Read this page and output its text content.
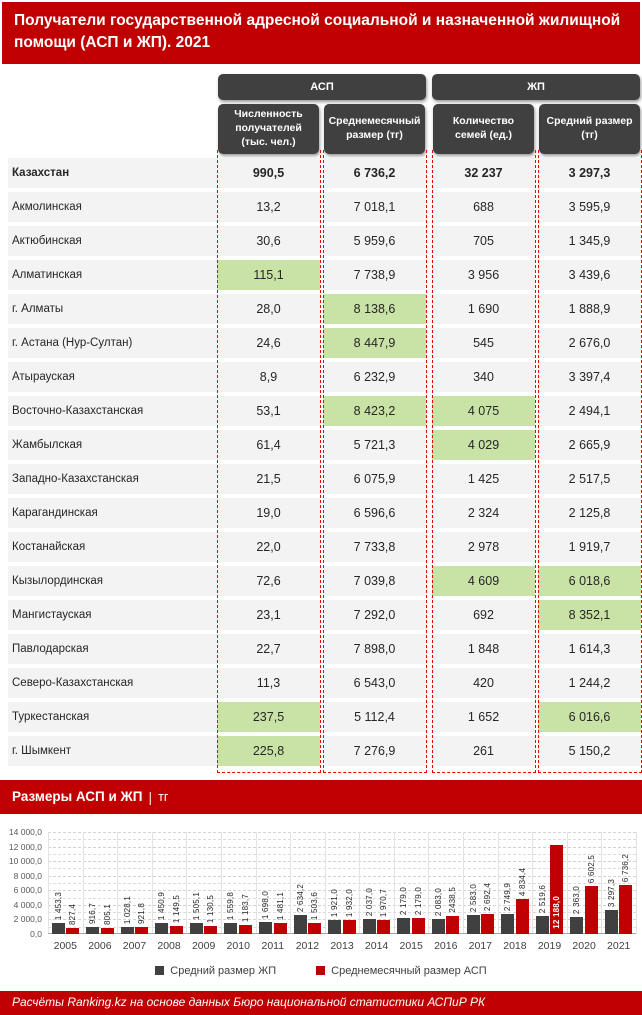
Получатели государственной адресной социальной и назначенной жилищной помощи (АСП и ЖП). 2021
АСП	ЖП
Численность получателей (тыс. чел.)
Среднемесячный размер (тг)
Количество семей (ед.)
Средний размер (тг)
Казахстан	990,5	6 736,2	32 237	3 297,3
Акмолинская	13,2	7 018,1	688	3 595,9
Актюбинская	30,6	5 959,6	705	1 345,9
Алматинская	115,1	7 738,9	3 956	3 439,6
г. Алматы	28,0	8 138,6	1 690	1 888,9
г. Астана (Нур-Султан)	24,6	8 447,9	545	2 676,0
Атырауская	8,9	6 232,9	340	3 397,4
Восточно-Казахстанская	53,1	8 423,2	4 075	2 494,1
Жамбылская	61,4	5 721,3	4 029	2 665,9
Западно-Казахстанская	21,5	6 075,9	1 425	2 517,5
Карагандинская	19,0	6 596,6	2 324	2 125,8
Костанайская	22,0	7 733,8	2 978	1 919,7
Кызылординская	72,6	7 039,8	4 609	6 018,6
Мангистауская	23,1	7 292,0	692	8 352,1
Павлодарская	22,7	7 898,0	1 848	1 614,3
Северо-Казахстанская	11,3	6 543,0	420	1 244,2
Туркестанская	237,5	5 112,4	1 652	6 016,6
г. Шымкент	225,8	7 276,9	261	5 150,2
Размеры АСП и ЖП | тг
1 453,3 827,4 916,7 805,1 1 028,1 921,8 1 450,9 1 149,5 1 505,1 1 130,5 1 559,8 1 183,7 1 698,0 1 481,1 2 634,2 1 503,6 1 921,0 1 932,0 2 037,0 1 970,7 2 179,0 2 179,0 2 083,0 2438,5 2 583,0 2 692,4 2 749,9
4 834,4
2 519,6 12 188,0 2 363,0
6 602,5
3 297,3
6 736,2
2005	2006	2007	2008	2009	2010	2011	2012	2013	2014	2015	2016	2017	2018	2019	2020	2021
0,0
2 000,0
4 000,0
6 000,0
8 000,0
10 000,0
12 000,0
14 000,0
Средний размер ЖП	Среднемесячный размер АСП
Расчёты Ranking.kz на основе данных Бюро национальной статистики АСПиР РК
